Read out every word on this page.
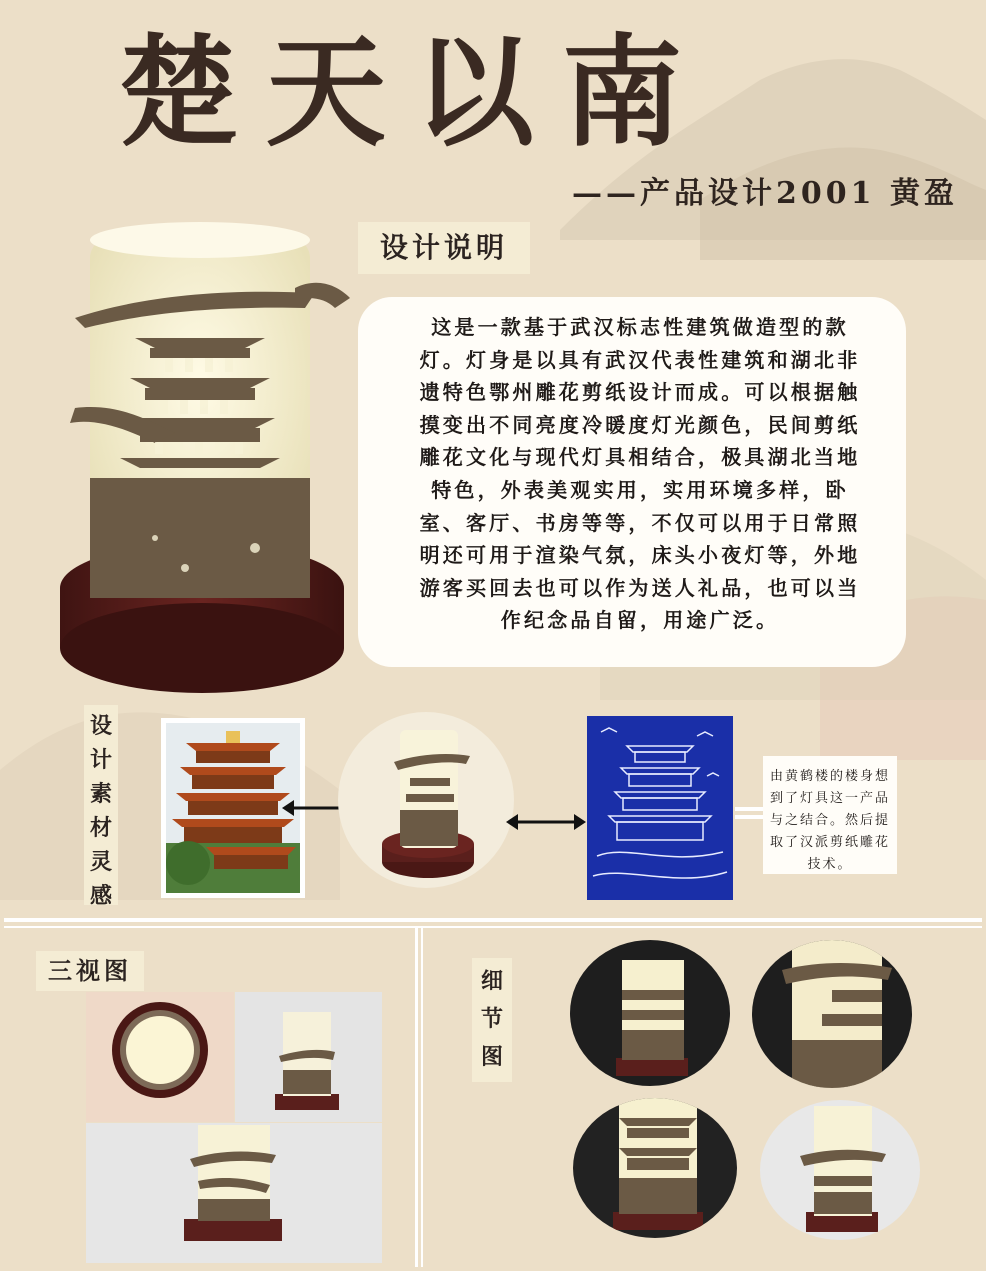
楚天以南
——产品设计2001 黄盈
设计说明

这是一款基于武汉标志性建筑做造型的款

灯。灯身是以具有武汉代表性建筑和湖北非

遗特色鄂州雕花剪纸设计而成。可以根据触

摸变出不同亮度冷暖度灯光颜色，民间剪纸

雕花文化与现代灯具相结合，极具湖北当地

特色，外表美观实用，实用环境多样，卧

室、客厅、书房等等，不仅可以用于日常照

明还可用于渲染气氛，床头小夜灯等，外地

游客买回去也可以作为送人礼品，也可以当

作纪念品自留，用途广泛。

设
计
素
材
灵
感
由黄鹤楼的楼身想到了灯具这一产品与之结合。然后提取了汉派剪纸雕花技术。
三视图	细
节
图
